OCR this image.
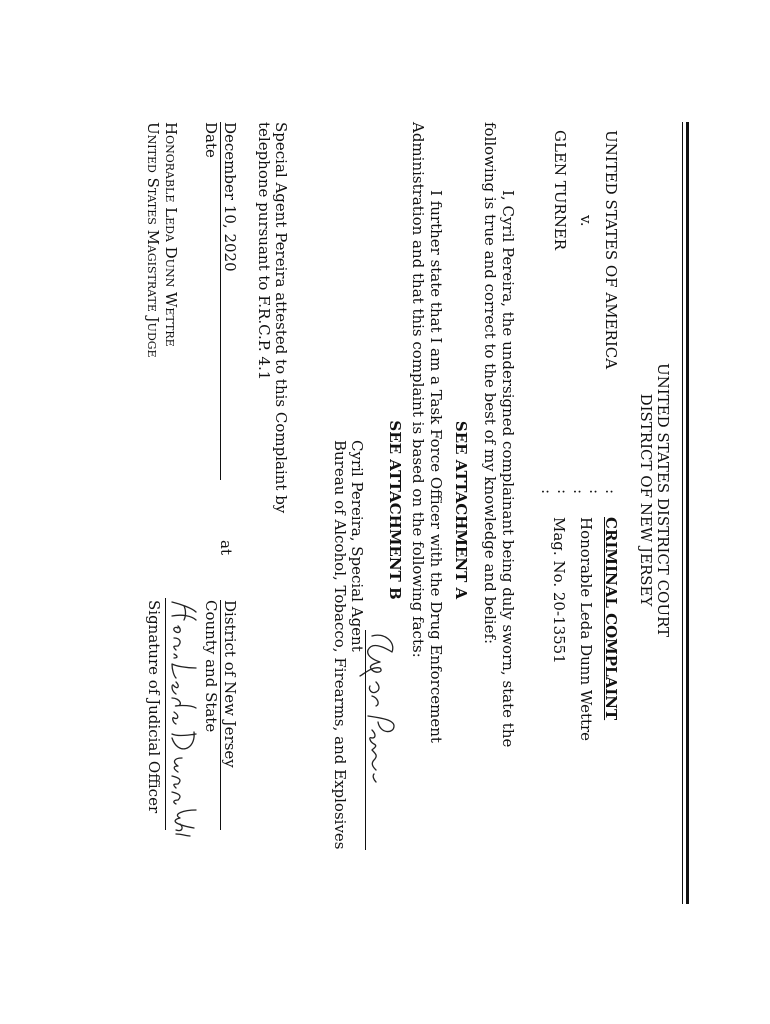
UNITED STATES DISTRICT COURT
DISTRICT OF NEW JERSEY
UNITED STATES OF AMERICA
v.
GLEN TURNER
:
:
:
:
:
CRIMINAL COMPLAINT
Honorable Leda Dunn Wettre
Mag. No. 20-13551
I, Cyril Pereira, the undersigned complainant being duly sworn, state the
following is true and correct to the best of my knowledge and belief:
SEE ATTACHMENT A
I further state that I am a Task Force Officer with the Drug Enforcement
Administration and that this complaint is based on the following facts:
SEE ATTACHMENT B
Cyril Pereira, Special Agent
Bureau of Alcohol, Tobacco, Firearms, and Explosives
Special Agent Pereira attested to this Complaint by
telephone pursuant to F.R.C.P. 4.1
December 10, 2020
Date
at
District of New Jersey
County and State
Honorable Leda Dunn Wettre
United States Magistrate Judge
Signature of Judicial Officer
